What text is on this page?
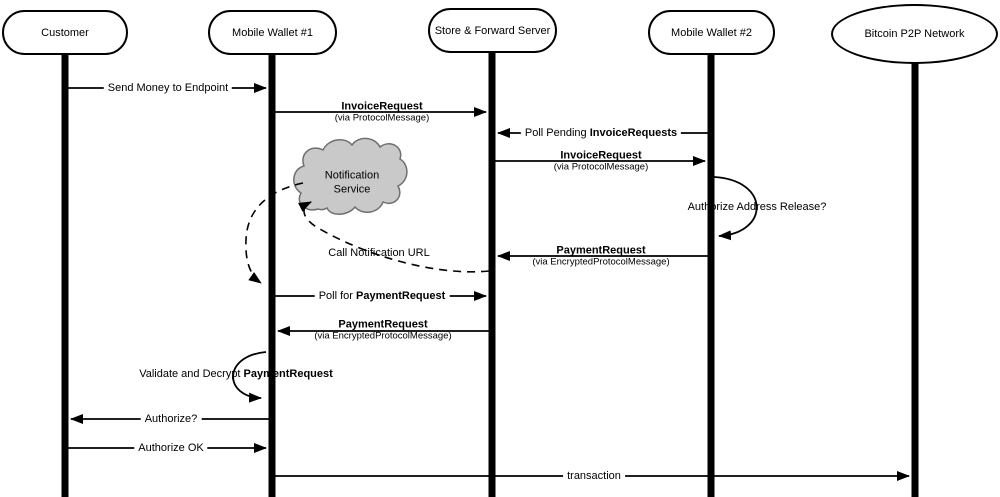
Customer	Mobile Wallet #1	Store & Forward Server	Mobile Wallet #2	Bitcoin P2P Network
Notification Service
Send Money to Endpoint
InvoiceRequest
(via ProtocolMessage)
Poll Pending InvoiceRequests
InvoiceRequest
(via ProtocolMessage)
Authorize Address Release?
PaymentRequest
(via EncryptedProtocolMessage)
Call Notification URL
Poll for PaymentRequest
PaymentRequest
(via EncryptedProtocolMessage)
Validate and Decrypt PaymentRequest
Authorize?
Authorize OK
transaction
